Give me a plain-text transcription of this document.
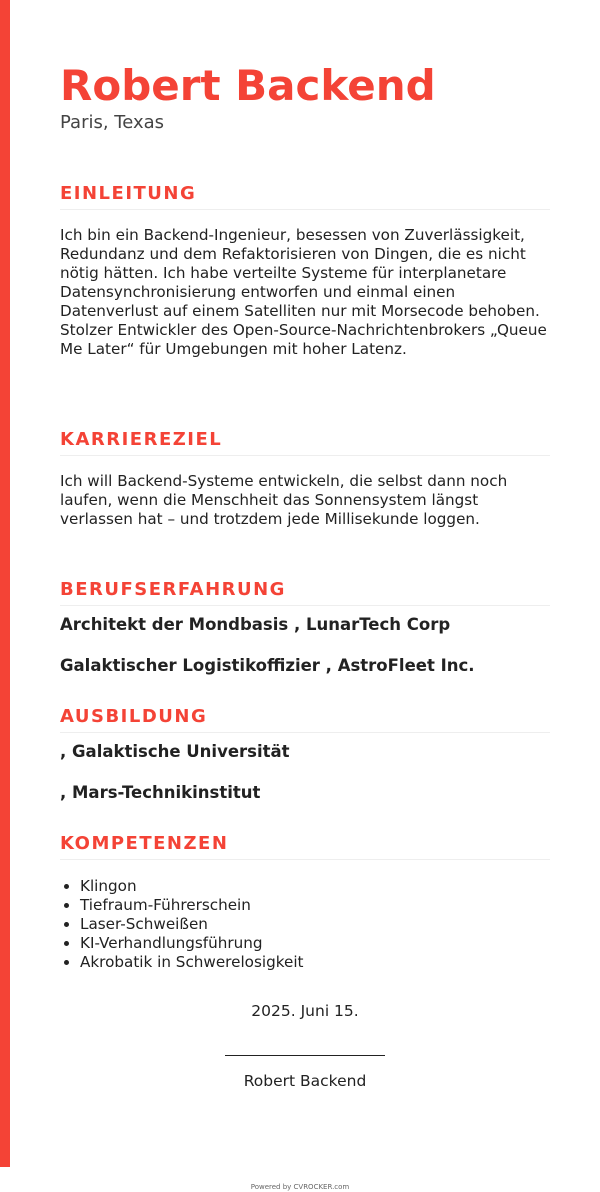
Robert Backend
Paris, Texas
EINLEITUNG

Ich bin ein Backend-Ingenieur, besessen von Zuverlässigkeit, Redundanz und dem Refaktorisieren von Dingen, die es nicht nötig hätten. Ich habe verteilte Systeme für interplanetare Datensynchronisierung entworfen und einmal einen Datenverlust auf einem Satelliten nur mit Morsecode behoben. Stolzer Entwickler des Open-Source-Nachrichtenbrokers „Queue Me Later“ für Umgebungen mit hoher Latenz.

KARRIEREZIEL

Ich will Backend-Systeme entwickeln, die selbst dann noch laufen, wenn die Menschheit das Sonnensystem längst verlassen hat – und trotzdem jede Millisekunde loggen.

BERUFSERFAHRUNG
Architekt der Mondbasis , LunarTech Corp
Galaktischer Logistikoffizier , AstroFleet Inc.
AUSBILDUNG
, Galaktische Universität
, Mars-Technikinstitut
KOMPETENZEN
• Klingon
• Tiefraum-Führerschein
• Laser-Schweißen
• KI-Verhandlungsführung
• Akrobatik in Schwerelosigkeit
2025. Juni 15.
Robert Backend
Powered by CVROCKER.com
